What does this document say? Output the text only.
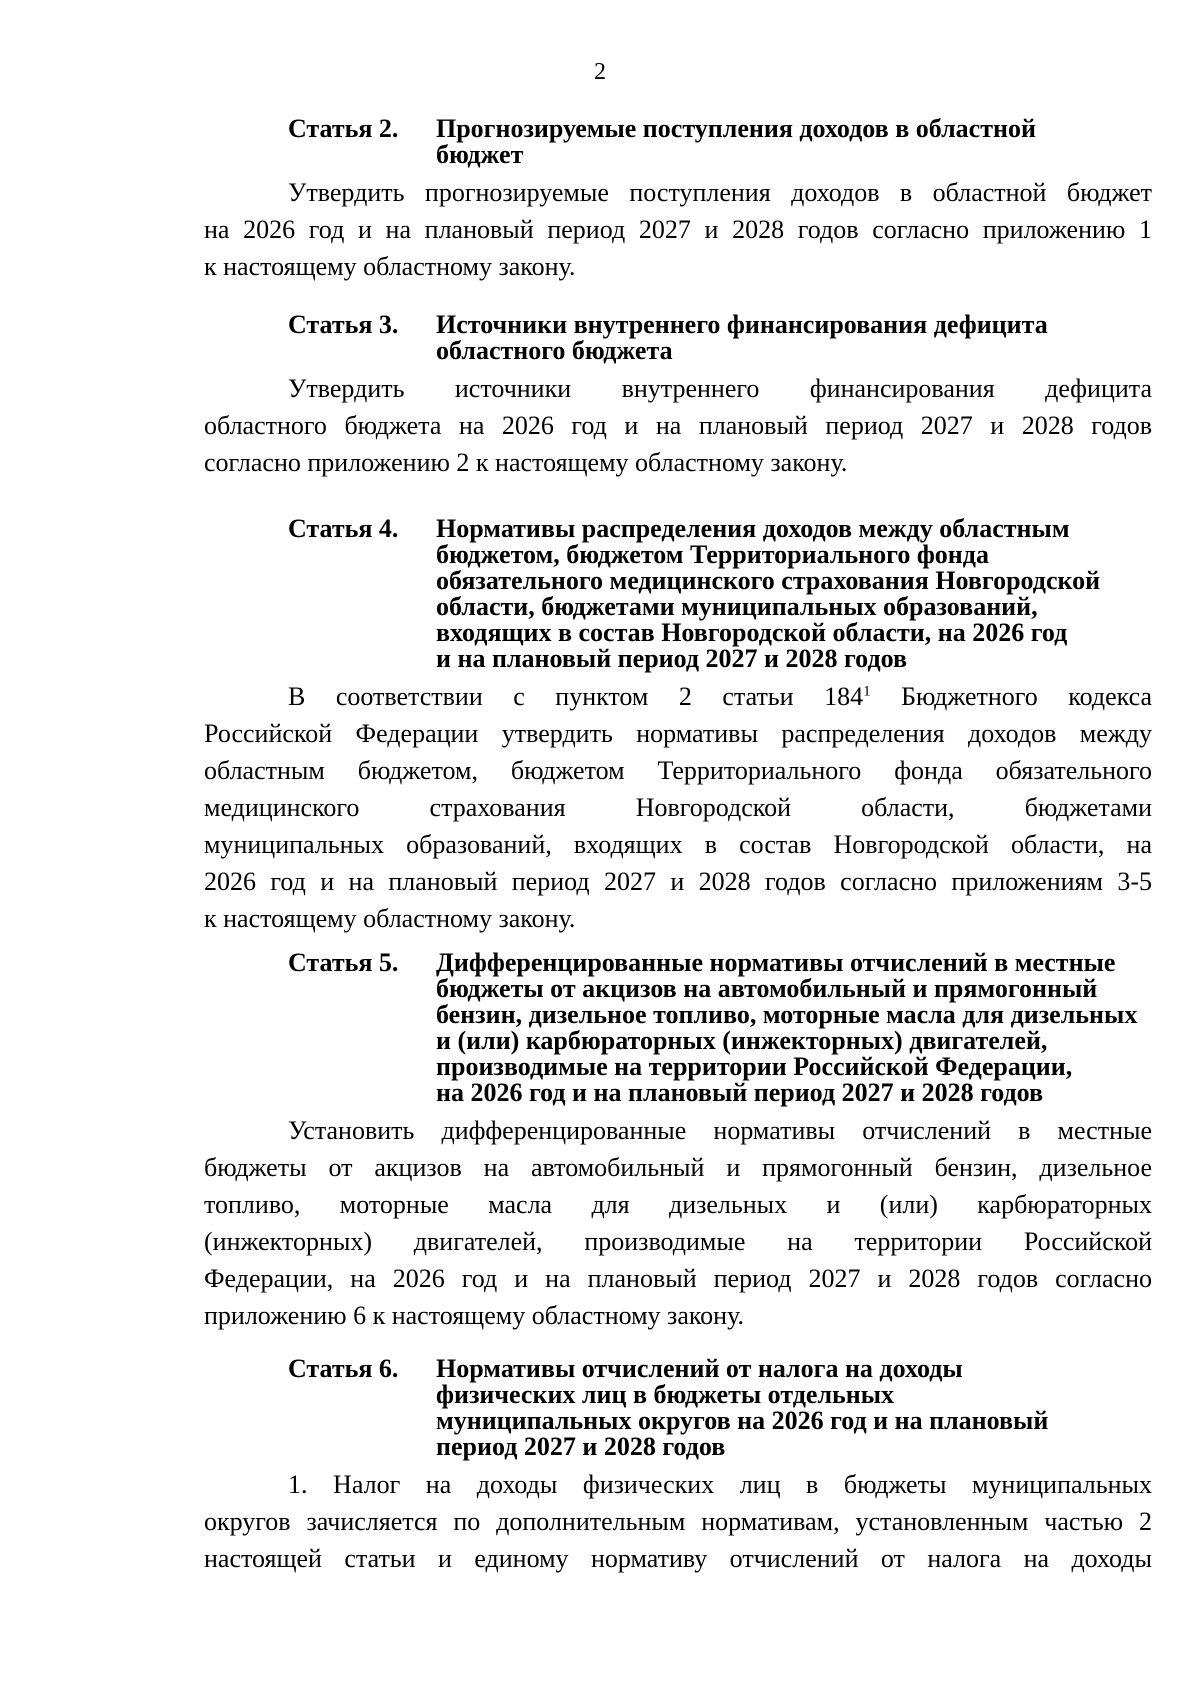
2
Статья 2.	Прогнозируемые поступления доходов в областной
бюджет
Утвердить прогнозируемые поступления доходов в областной бюджет
на 2026 год и на плановый период 2027 и 2028 годов согласно приложению 1
к настоящему областному закону.
Статья 3.	Источники внутреннего финансирования дефицита
областного бюджета
Утвердить источники внутреннего финансирования дефицита
областного бюджета на 2026 год и на плановый период 2027 и 2028 годов
согласно приложению 2 к настоящему областному закону.
Статья 4.	Нормативы распределения доходов между областным
бюджетом, бюджетом Территориального фонда
обязательного медицинского страхования Новгородской
области, бюджетами муниципальных образований,
входящих в состав Новгородской области, на 2026 год
и на плановый период 2027 и 2028 годов
В соответствии с пунктом 2 статьи $184^1$ Бюджетного кодекса
Российской Федерации утвердить нормативы распределения доходов между
областным бюджетом, бюджетом Территориального фонда обязательного
медицинского страхования Новгородской области, бюджетами
муниципальных образований, входящих в состав Новгородской области, на
2026 год и на плановый период 2027 и 2028 годов согласно приложениям 3-5
к настоящему областному закону.
Статья 5.	Дифференцированные нормативы отчислений в местные
бюджеты от акцизов на автомобильный и прямогонный
бензин, дизельное топливо, моторные масла для дизельных
и (или) карбюраторных (инжекторных) двигателей,
производимые на территории Российской Федерации,
на 2026 год и на плановый период 2027 и 2028 годов
Установить дифференцированные нормативы отчислений в местные
бюджеты от акцизов на автомобильный и прямогонный бензин, дизельное
топливо, моторные масла для дизельных и (или) карбюраторных
(инжекторных) двигателей, производимые на территории Российской
Федерации, на 2026 год и на плановый период 2027 и 2028 годов согласно
приложению 6 к настоящему областному закону.
Статья 6.	Нормативы отчислений от налога на доходы
физических лиц в бюджеты отдельных
муниципальных округов на 2026 год и на плановый
период 2027 и 2028 годов
1. Налог на доходы физических лиц в бюджеты муниципальных
округов зачисляется по дополнительным нормативам, установленным частью 2
настоящей статьи и единому нормативу отчислений от налога на доходы
